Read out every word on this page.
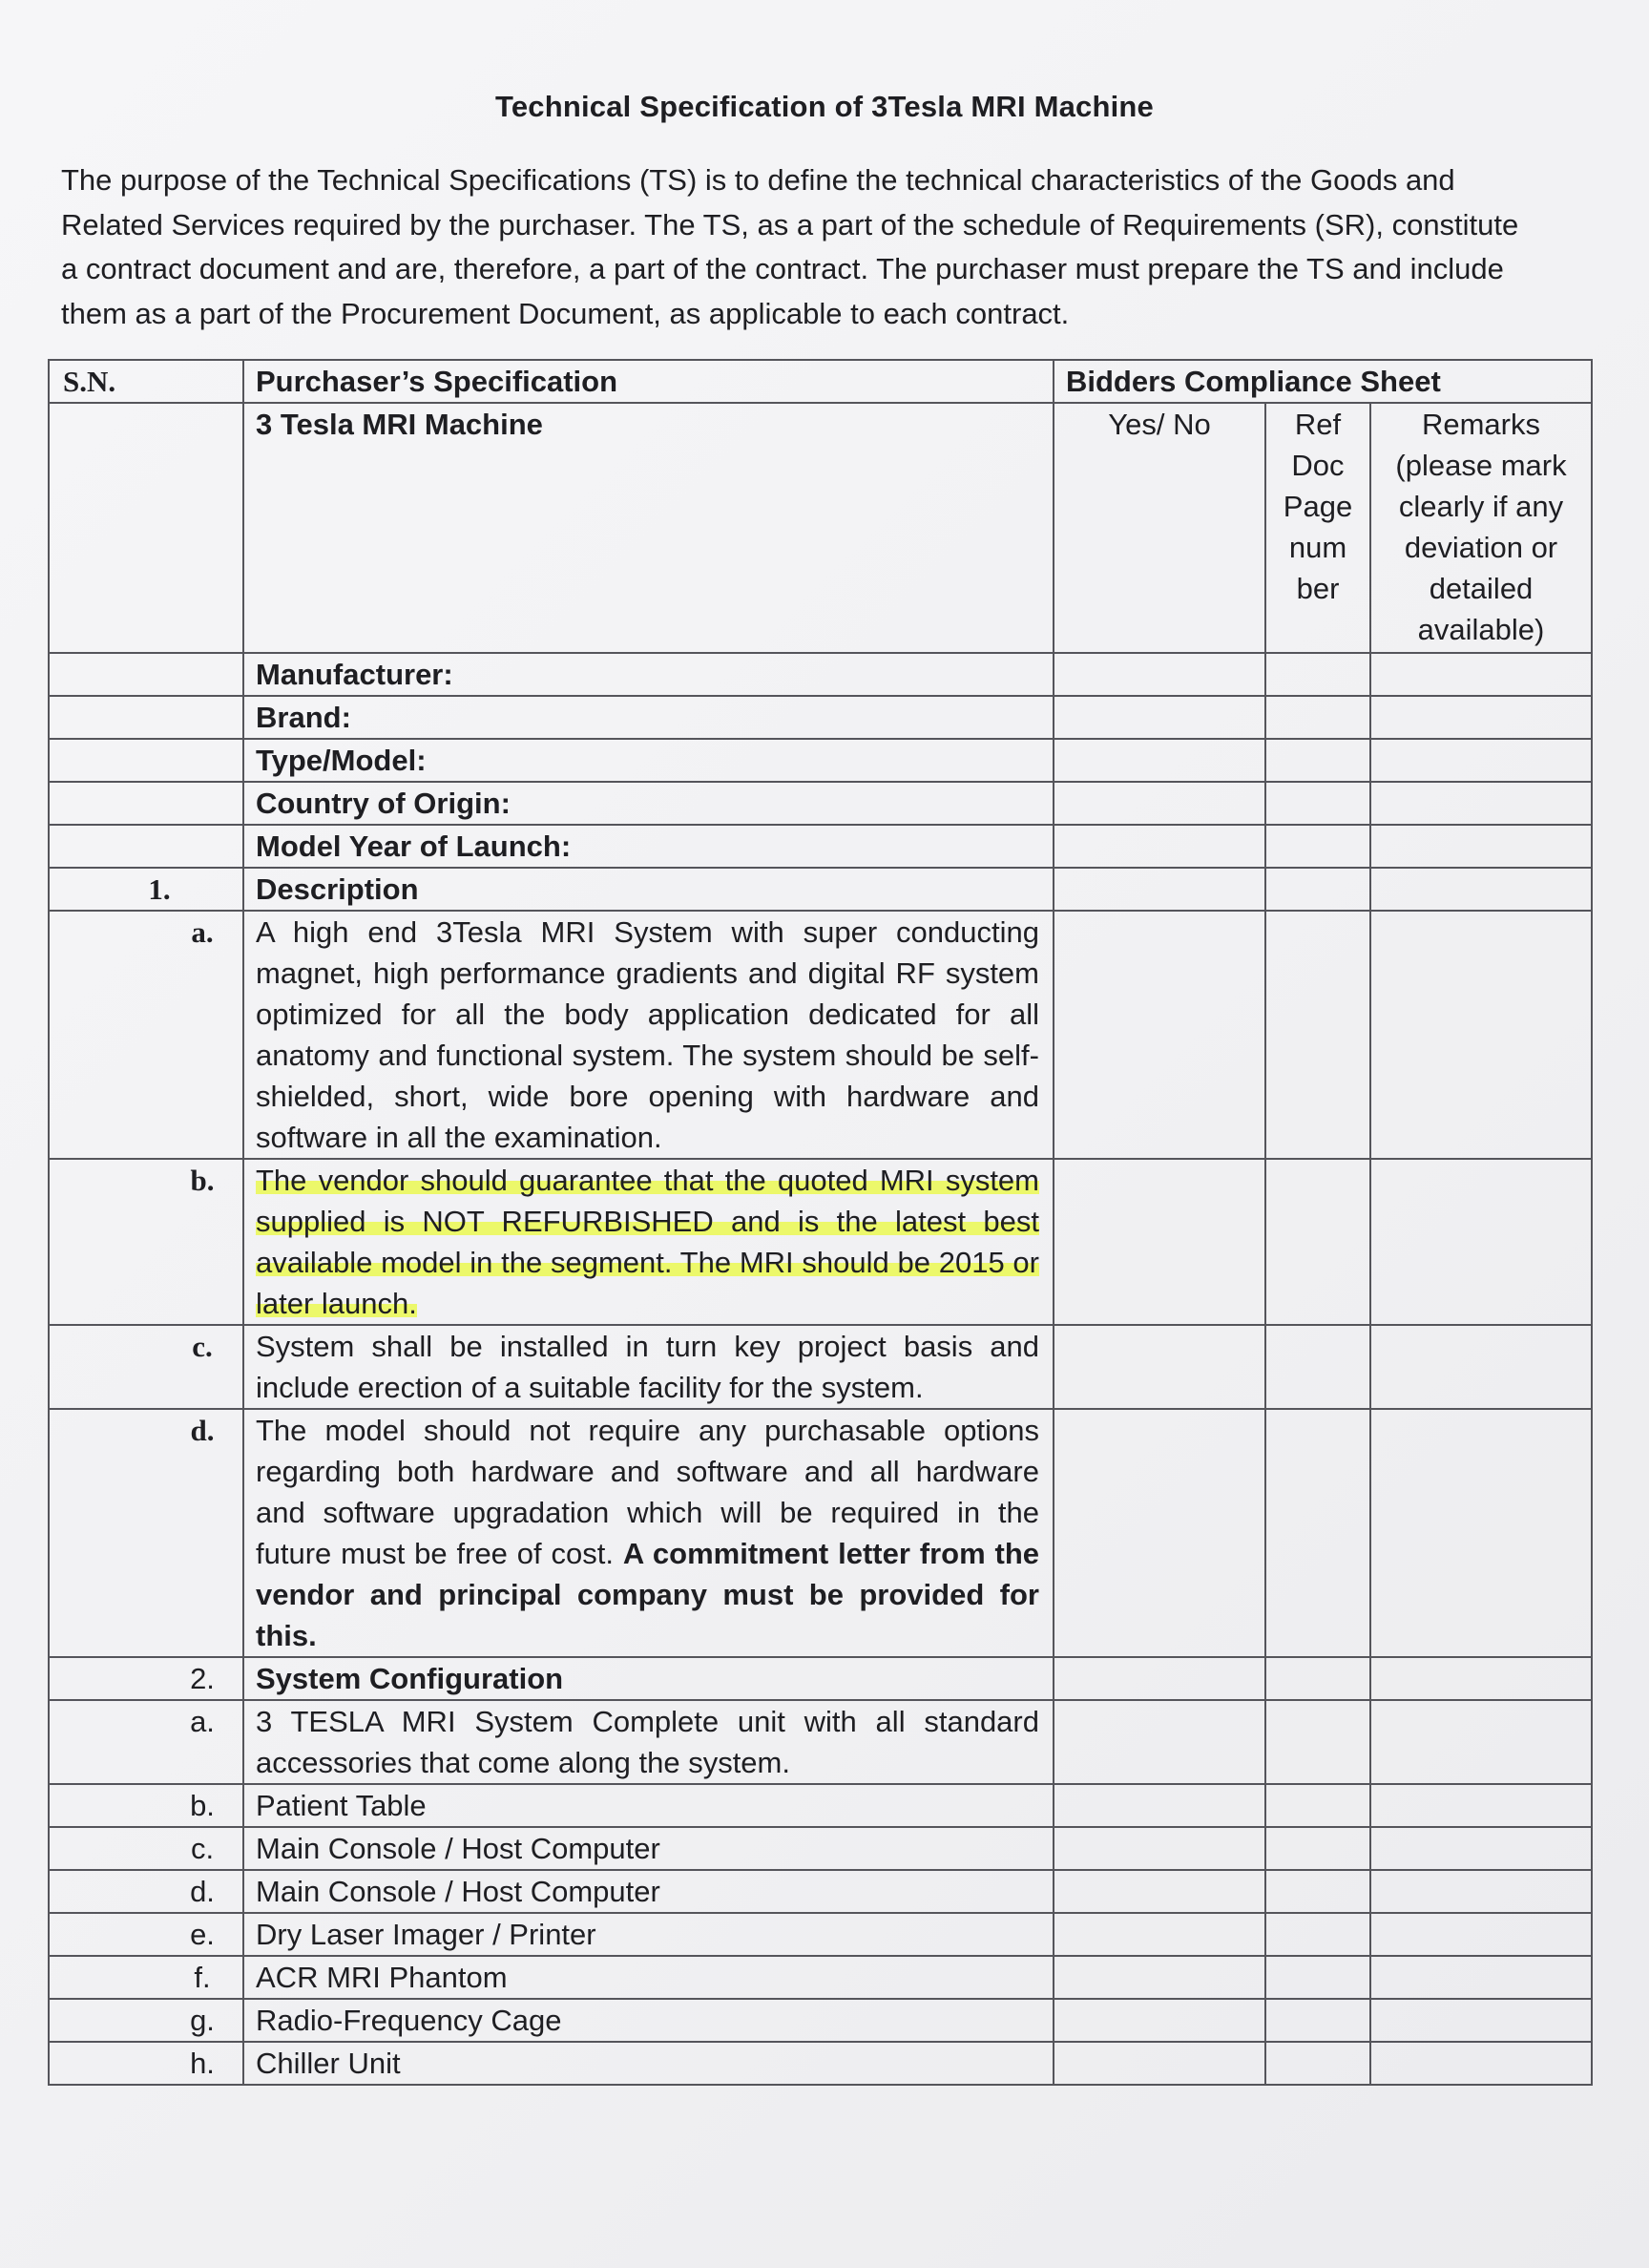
Technical Specification of 3Tesla MRI Machine
The purpose of the Technical Specifications (TS) is to define the technical characteristics of the Goods and
Related Services required by the purchaser. The TS, as a part of the schedule of Requirements (SR), constitute
a contract document and are, therefore, a part of the contract. The purchaser must prepare the TS and include
them as a part of the Procurement Document, as applicable to each contract.
S.N.	Purchaser’s Specification	Bidders Compliance Sheet		
	3 Tesla MRI Machine	Yes/ No	Ref Doc Page num ber	Remarks (please mark clearly if any deviation or detailed available)
	Manufacturer:			
	Brand:			
	Type/Model:			
	Country of Origin:			
	Model Year of Launch:			
1.	Description			
a.	A high end 3Tesla MRI System with super conducting magnet, high performance gradients and digital RF system optimized for all the body application dedicated for all anatomy and functional system. The system should be self- shielded, short, wide bore opening with hardware and software in all the examination.			
b.	The vendor should guarantee that the quoted MRI system supplied is NOT REFURBISHED and is the latest best available model in the segment. The MRI should be 2015 or later launch.			
c.	System shall be installed in turn key project basis and include erection of a suitable facility for the system.			
d.	The model should not require any purchasable options regarding both hardware and software and all hardware and software upgradation which will be required in the future must be free of cost. A commitment letter from the vendor and principal company must be provided for this.			
2.	System Configuration			
a.	3 TESLA MRI System Complete unit with all standard accessories that come along the system.			
b.	Patient Table			
c.	Main Console / Host Computer			
d.	Main Console / Host Computer			
e.	Dry Laser Imager / Printer			
f.	ACR MRI Phantom			
g.	Radio-Frequency Cage			
h.	Chiller Unit			
